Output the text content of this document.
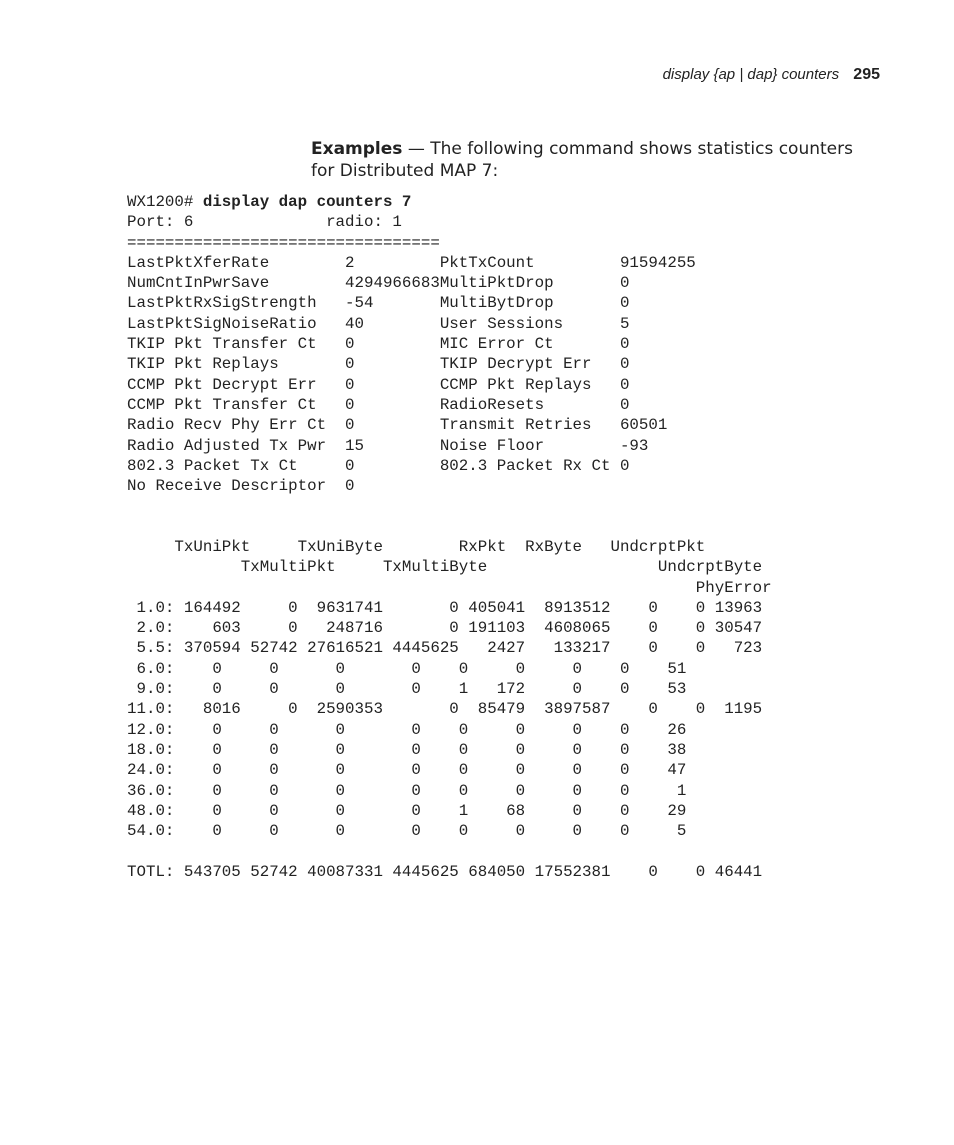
display {ap | dap} counters 295
Examples — The following command shows statistics counters for Distributed MAP 7:
WX1200# display dap counters 7
Port: 6              radio: 1
=================================
LastPktXferRate        2         PktTxCount         91594255
NumCntInPwrSave        4294966683MultiPktDrop       0
LastPktRxSigStrength   -54       MultiBytDrop       0
LastPktSigNoiseRatio   40        User Sessions      5
TKIP Pkt Transfer Ct   0         MIC Error Ct       0
TKIP Pkt Replays       0         TKIP Decrypt Err   0
CCMP Pkt Decrypt Err   0         CCMP Pkt Replays   0
CCMP Pkt Transfer Ct   0         RadioResets        0
Radio Recv Phy Err Ct  0         Transmit Retries   60501
Radio Adjusted Tx Pwr  15        Noise Floor        -93
802.3 Packet Tx Ct     0         802.3 Packet Rx Ct 0
No Receive Descriptor  0
TxUniPkt     TxUniByte        RxPkt  RxByte   UndcrptPkt
TxMultiPkt     TxMultiByte                  UndcrptByte
PhyError
1.0: 164492     0  9631741       0 405041  8913512    0    0 13963
2.0:    603     0   248716       0 191103  4608065    0    0 30547
5.5: 370594 52742 27616521 4445625   2427   133217    0    0   723
6.0:    0     0      0       0    0     0     0    0    51
9.0:    0     0      0       0    1   172     0    0    53
11.0:   8016     0  2590353       0  85479  3897587    0    0  1195
12.0:    0     0      0       0    0     0     0    0    26
18.0:    0     0      0       0    0     0     0    0    38
24.0:    0     0      0       0    0     0     0    0    47
36.0:    0     0      0       0    0     0     0    0     1
48.0:    0     0      0       0    1    68     0    0    29
54.0:    0     0      0       0    0     0     0    0     5

TOTL: 543705 52742 40087331 4445625 684050 17552381    0    0 46441
